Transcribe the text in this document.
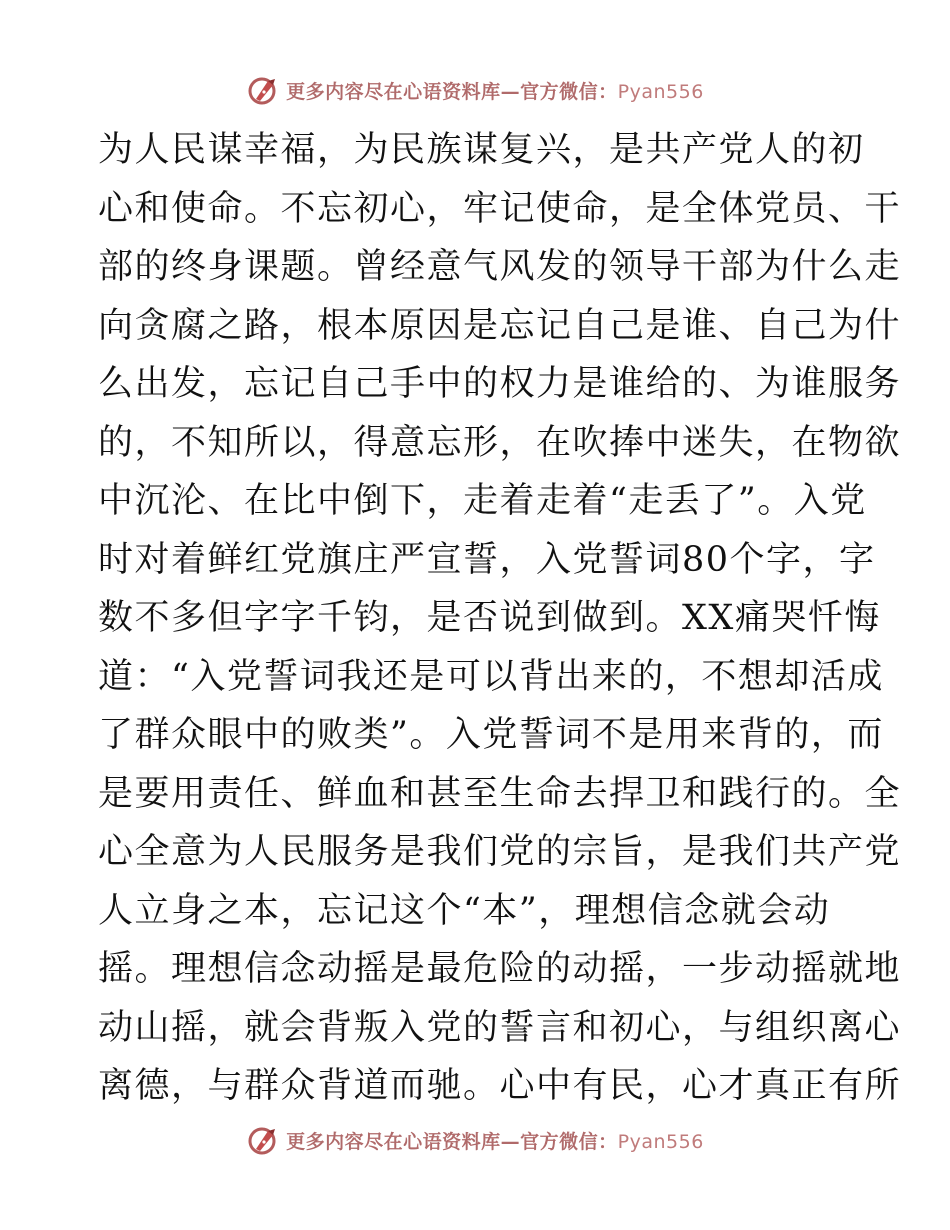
更多内容尽在心语资料库—官方微信：Pyan556
为人民谋幸福，为民族谋复兴，是共产党人的初
心和使命。不忘初心，牢记使命，是全体党员、干
部的终身课题。曾经意气风发的领导干部为什么走
向贪腐之路，根本原因是忘记自己是谁、自己为什
么出发，忘记自己手中的权力是谁给的、为谁服务
的，不知所以，得意忘形，在吹捧中迷失，在物欲
中沉沦、在比中倒下，走着走着“走丢了”。入党
时对着鲜红党旗庄严宣誓，入党誓词80个字，字
数不多但字字千钧，是否说到做到。XX痛哭忏悔
道：“入党誓词我还是可以背出来的，不想却活成
了群众眼中的败类”。入党誓词不是用来背的，而
是要用责任、鲜血和甚至生命去捍卫和践行的。全
心全意为人民服务是我们党的宗旨，是我们共产党
人立身之本，忘记这个“本”，理想信念就会动
摇。理想信念动摇是最危险的动摇，一步动摇就地
动山摇，就会背叛入党的誓言和初心，与组织离心
离德，与群众背道而驰。心中有民，心才真正有所
更多内容尽在心语资料库—官方微信：Pyan556
